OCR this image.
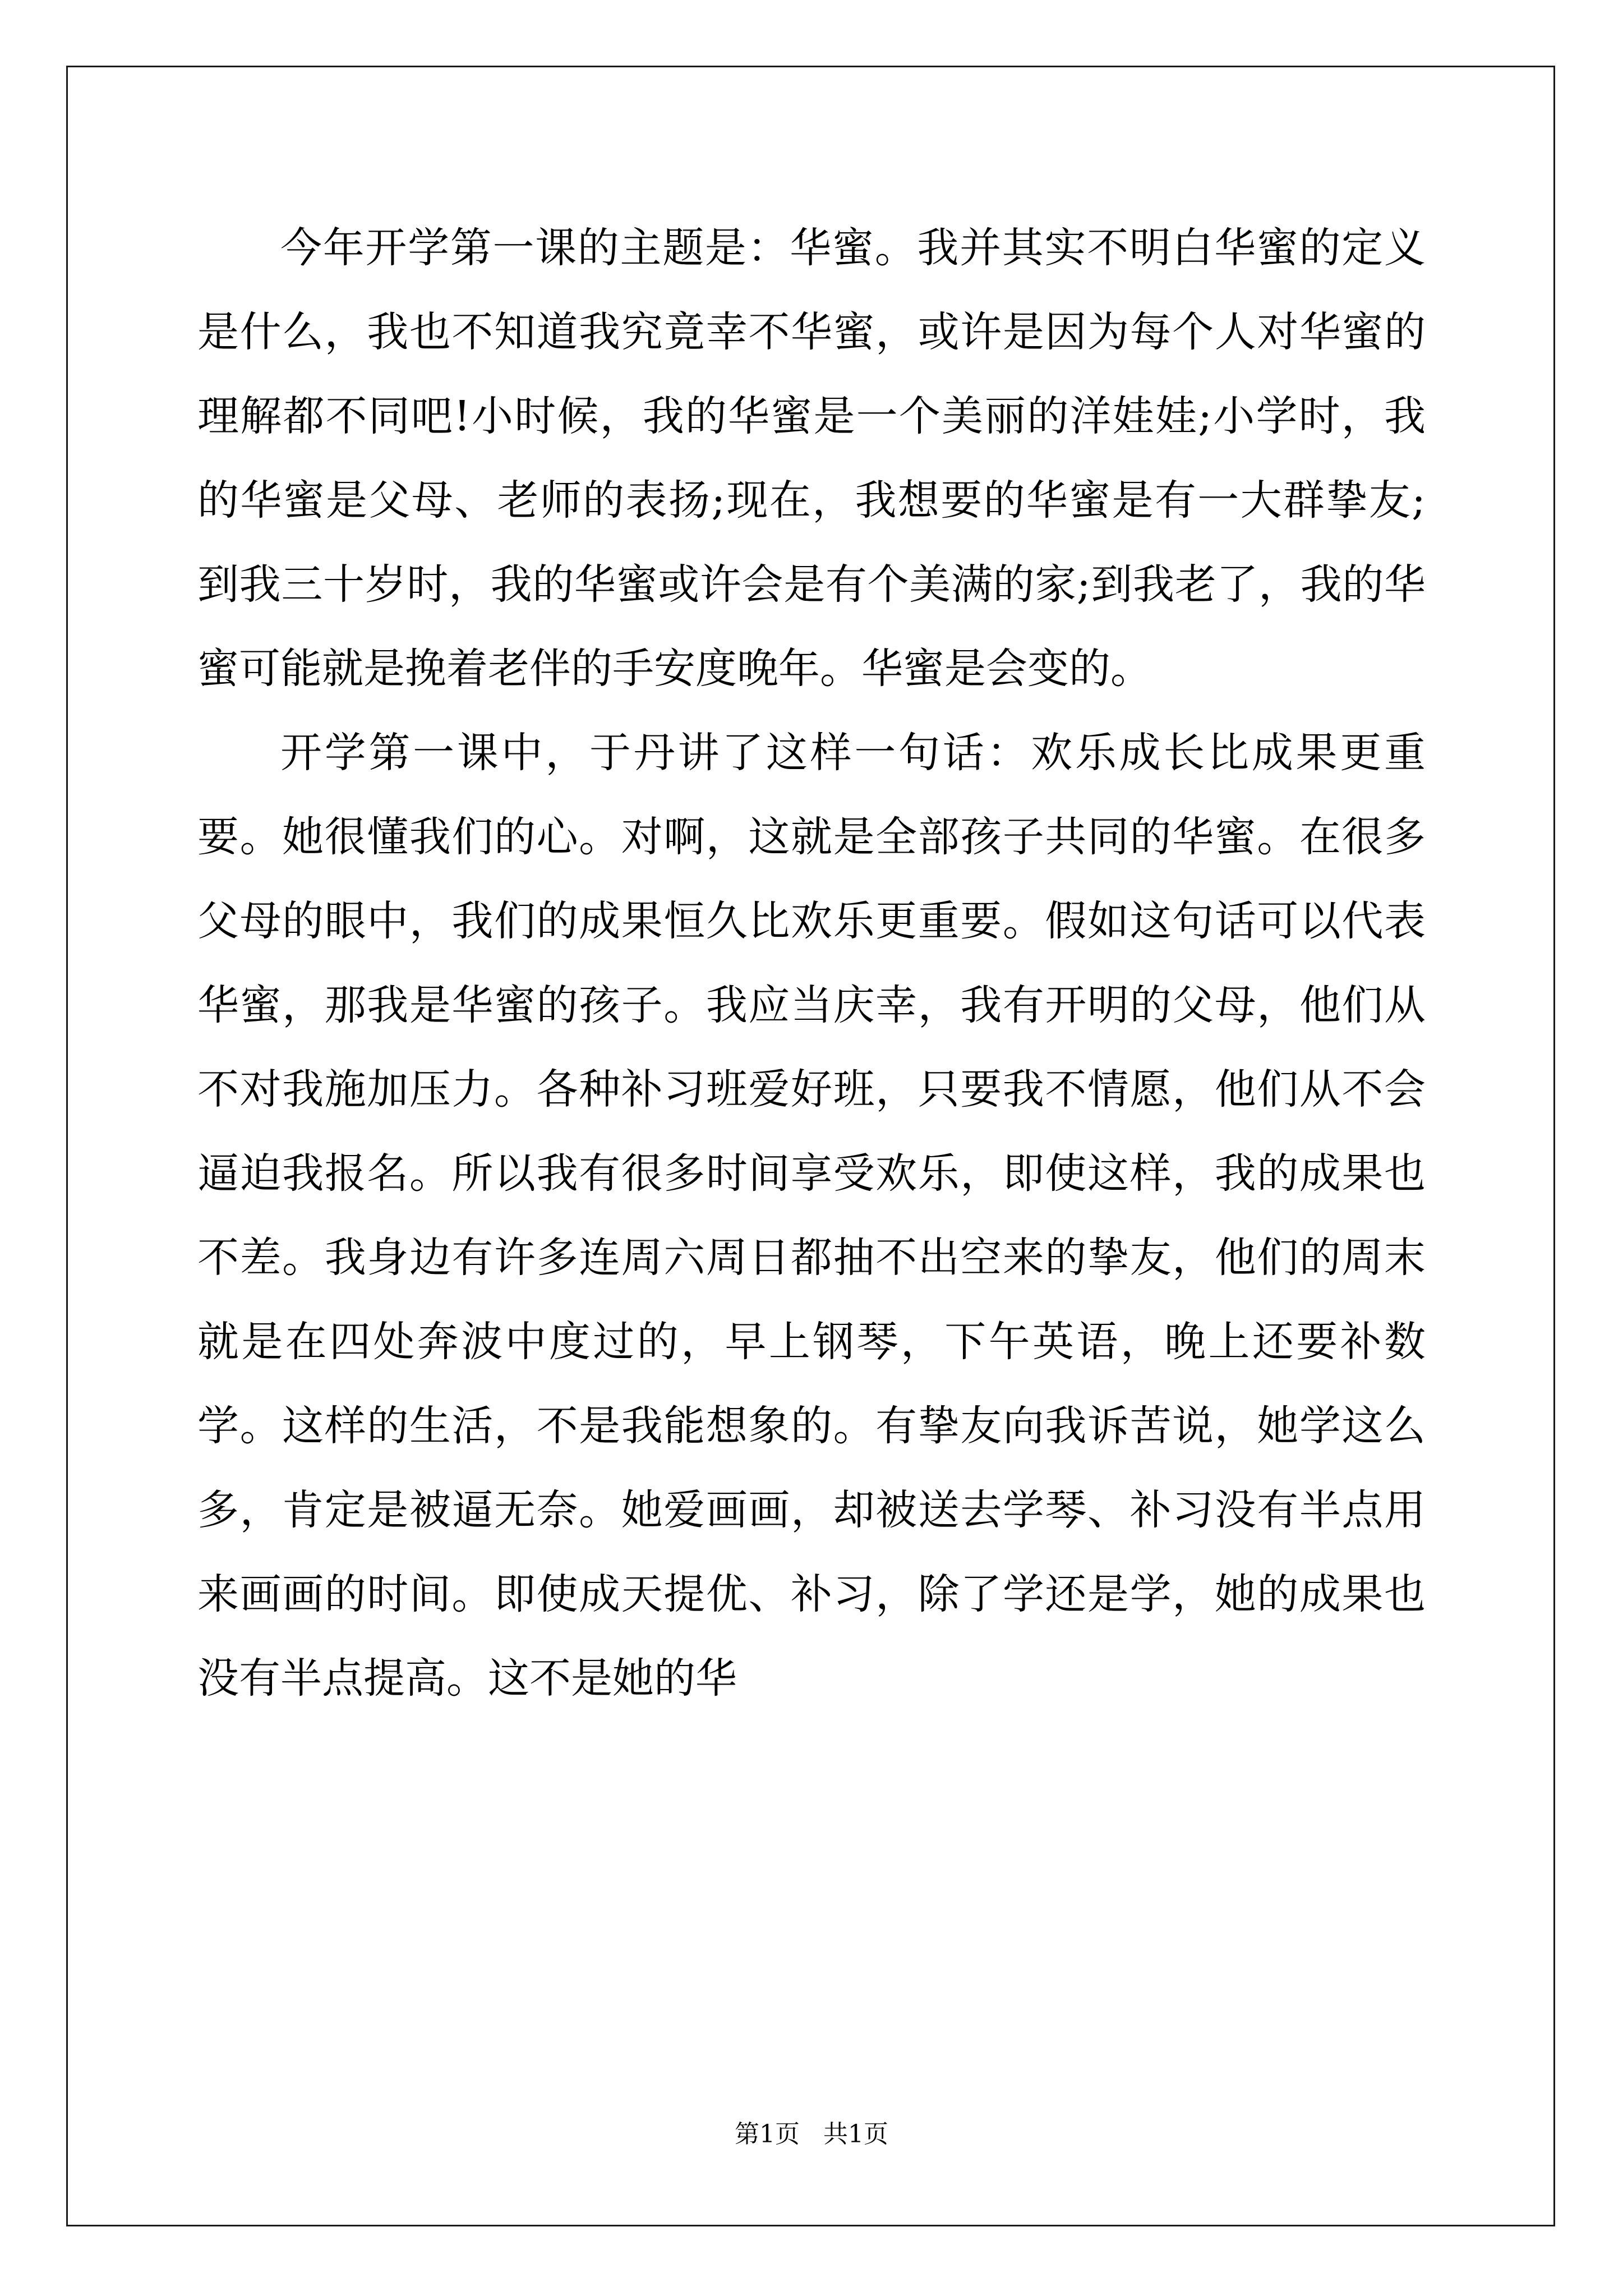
今年开学第一课的主题是：华蜜。我并其实不明白华蜜的定义是什么，我也不知道我究竟幸不华蜜，或许是因为每个人对华蜜的理解都不同吧!小时候，我的华蜜是一个美丽的洋娃娃;小学时，我的华蜜是父母、老师的表扬;现在，我想要的华蜜是有一大群挚友;到我三十岁时，我的华蜜或许会是有个美满的家;到我老了，我的华蜜可能就是挽着老伴的手安度晚年。华蜜是会变的。

开学第一课中，于丹讲了这样一句话：欢乐成长比成果更重要。她很懂我们的心。对啊，这就是全部孩子共同的华蜜。在很多父母的眼中，我们的成果恒久比欢乐更重要。假如这句话可以代表华蜜，那我是华蜜的孩子。我应当庆幸，我有开明的父母，他们从不对我施加压力。各种补习班爱好班，只要我不情愿，他们从不会逼迫我报名。所以我有很多时间享受欢乐，即使这样，我的成果也不差。我身边有许多连周六周日都抽不出空来的挚友，他们的周末就是在四处奔波中度过的，早上钢琴，下午英语，晚上还要补数学。这样的生活，不是我能想象的。有挚友向我诉苦说，她学这么多，肯定是被逼无奈。她爱画画，却被送去学琴、补习没有半点用来画画的时间。即使成天提优、补习，除了学还是学，她的成果也没有半点提高。这不是她的华

第1页   共1页
